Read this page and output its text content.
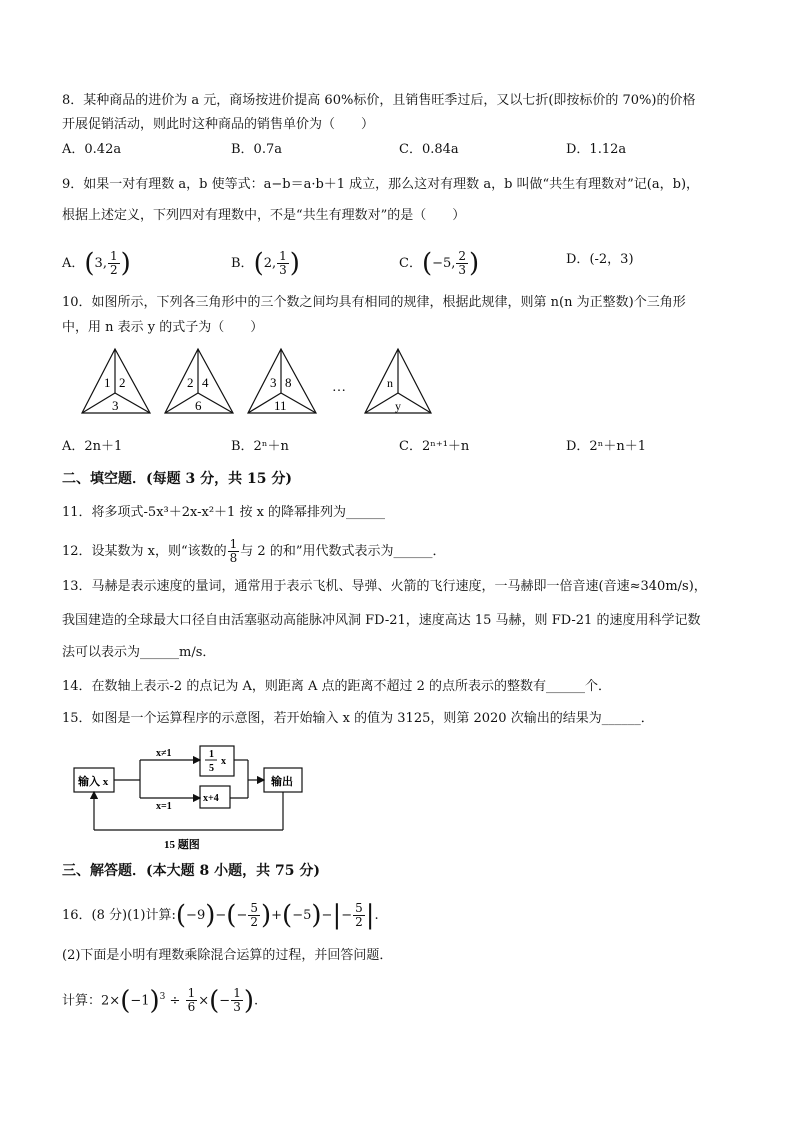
8．某种商品的进价为 a 元，商场按进价提高 60%标价，且销售旺季过后，又以七折(即按标价的 70%)的价格
开展促销活动，则此时这种商品的销售单价为（　　）
A．0.42a	B．0.7a	C．0.84a	D．1.12a
9．如果一对有理数 a，b 使等式：a−b＝a·b＋1 成立，那么这对有理数 a，b 叫做“共生有理数对”记(a，b)，
根据上述定义，下列四对有理数中，不是“共生有理数对”的是（　　）
A．(3, $\frac{1}{2}$ )	B．(2, $\frac{1}{3}$ )	C．(−5, $\frac{2}{3}$ )	D．(-2，3)
10．如图所示，下列各三角形中的三个数之间均具有相同的规律，根据此规律，则第 n(n 为正整数)个三角形
中，用 n 表示 y 的式子为（　　）
1 2
3
2 4
6
3 8
11
…	n
y
A．2n＋1	B．2ⁿ＋n	C．2ⁿ⁺¹＋n	D．2ⁿ＋n＋1
二、填空题．(每题 3 分，共 15 分)
11．将多项式-5x³＋2x-x²＋1 按 x 的降幂排列为______
12．设某数为 x，则“该数的 $\frac{1}{8}$ 与 2 的和”用代数式表示为______．
13．马赫是表示速度的量词，通常用于表示飞机、导弹、火箭的飞行速度，一马赫即一倍音速(音速≈340m/s)，
我国建造的全球最大口径自由活塞驱动高能脉冲风洞 FD-21，速度高达 15 马赫，则 FD-21 的速度用科学记数
法可以表示为______m/s．
14．在数轴上表示-2 的点记为 A，则距离 A 点的距离不超过 2 的点所表示的整数有______个．
15．如图是一个运算程序的示意图，若开始输入 x 的值为 3125，则第 2020 次输出的结果为______．
输入 x	输出
x≠1
x=1
1
5
x
x+4
15 题图
三、解答题．(本大题 8 小题，共 75 分)
16．(8 分)(1)计算:(−9)−(− $\frac{5}{2} )+(-5)-|- \frac{5}{2}$ |.
(2)下面是小明有理数乘除混合运算的过程，并回答问题．
计算：$2\times(-1)^3 \div \frac{1}{6}$ ×(− $\frac{1}{3}$ ).
